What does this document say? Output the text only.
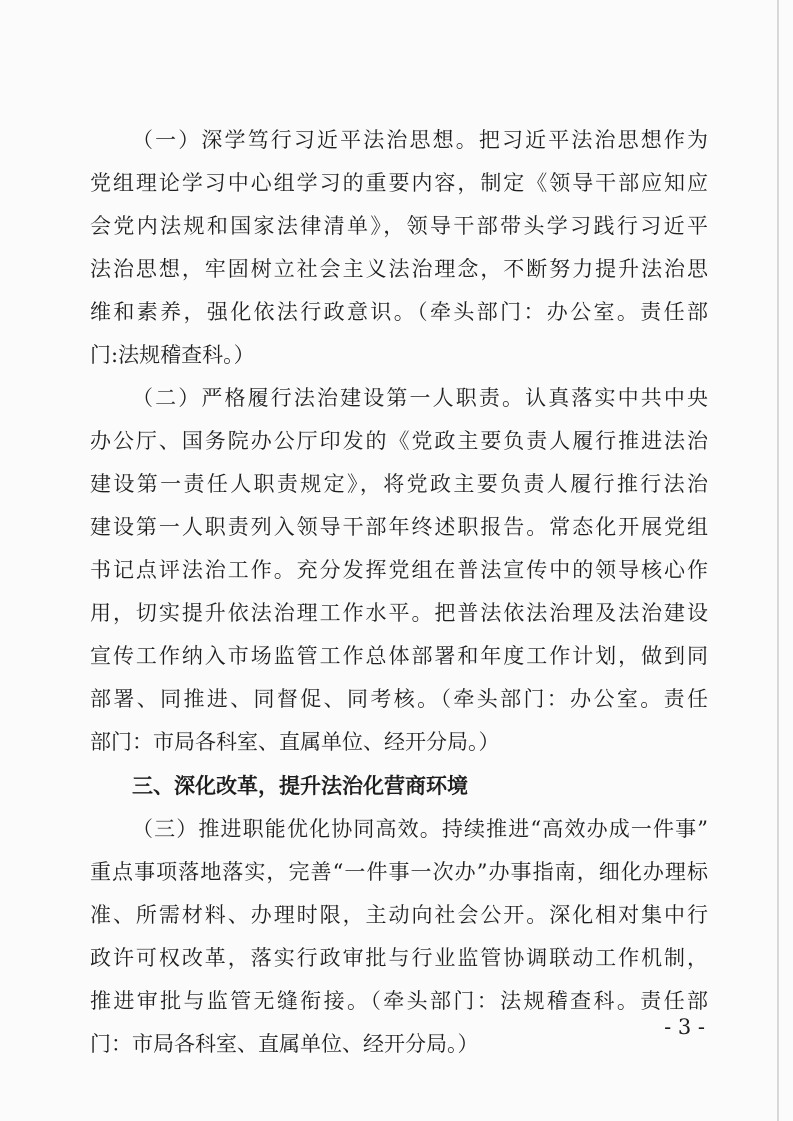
（一）深学笃行习近平法治思想。把习近平法治思想作为
党组理论学习中心组学习的重要内容，制定《领导干部应知应
会党内法规和国家法律清单》，领导干部带头学习践行习近平
法治思想，牢固树立社会主义法治理念，不断努力提升法治思
维和素养，强化依法行政意识。（牵头部门：办公室。责任部
门:法规稽查科。）
（二）严格履行法治建设第一人职责。认真落实中共中央
办公厅、国务院办公厅印发的《党政主要负责人履行推进法治
建设第一责任人职责规定》，将党政主要负责人履行推行法治
建设第一人职责列入领导干部年终述职报告。常态化开展党组
书记点评法治工作。充分发挥党组在普法宣传中的领导核心作
用，切实提升依法治理工作水平。把普法依法治理及法治建设
宣传工作纳入市场监管工作总体部署和年度工作计划，做到同
部署、同推进、同督促、同考核。（牵头部门：办公室。责任
部门：市局各科室、直属单位、经开分局。）
三、深化改革，提升法治化营商环境
（三）推进职能优化协同高效。持续推进“高效办成一件事”
重点事项落地落实，完善“一件事一次办”办事指南，细化办理标
准、所需材料、办理时限，主动向社会公开。深化相对集中行
政许可权改革，落实行政审批与行业监管协调联动工作机制，
推进审批与监管无缝衔接。（牵头部门：法规稽查科。责任部
门：市局各科室、直属单位、经开分局。）
- 3 -
